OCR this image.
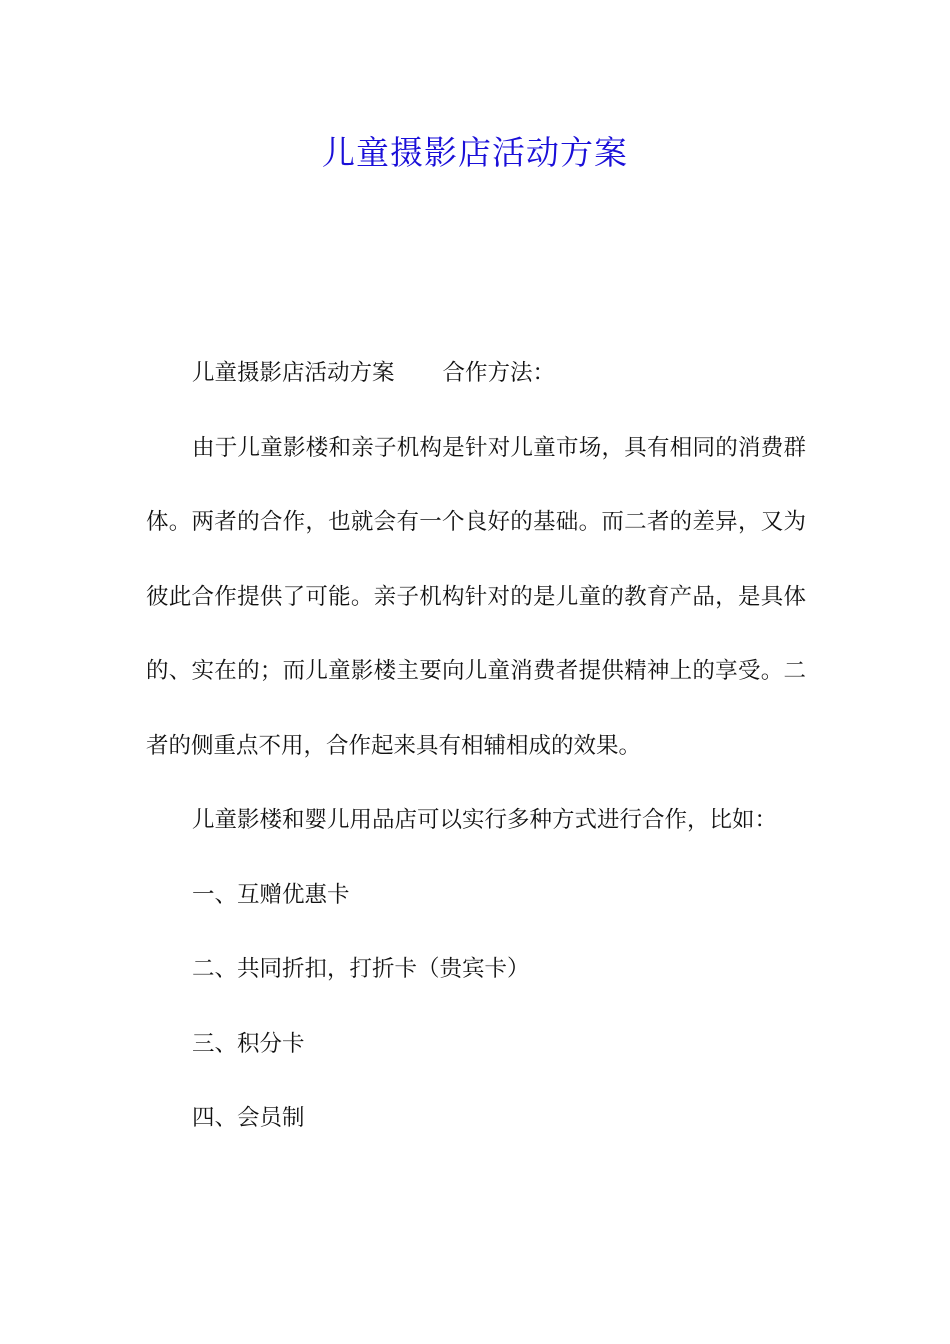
儿童摄影店活动方案

儿童摄影店活动方案 合作方法：

由于儿童影楼和亲子机构是针对儿童市场，具有相同的消费群体。两者的合作，也就会有一个良好的基础。而二者的差异，又为彼此合作提供了可能。亲子机构针对的是儿童的教育产品，是具体的、实在的；而儿童影楼主要向儿童消费者提供精神上的享受。二者的侧重点不用，合作起来具有相辅相成的效果。

儿童影楼和婴儿用品店可以实行多种方式进行合作，比如：

一、互赠优惠卡

二、共同折扣，打折卡（贵宾卡）

三、积分卡

四、会员制
